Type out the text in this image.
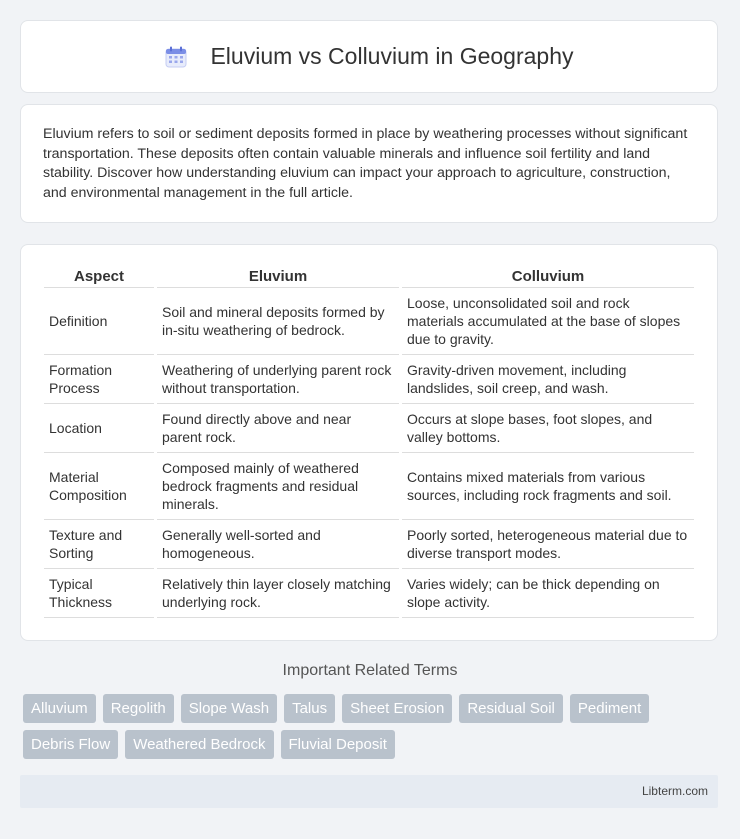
Eluvium vs Colluvium in Geography

Eluvium refers to soil or sediment deposits formed in place by weathering processes without significant transportation. These deposits often contain valuable minerals and influence soil fertility and land stability. Discover how understanding eluvium can impact your approach to agriculture, construction, and environmental management in the full article.

Aspect	Eluvium	Colluvium
Definition	Soil and mineral deposits formed by in-situ weathering of bedrock.	Loose, unconsolidated soil and rock materials accumulated at the base of slopes due to gravity.
Formation Process	Weathering of underlying parent rock without transportation.	Gravity-driven movement, including landslides, soil creep, and wash.
Location	Found directly above and near parent rock.	Occurs at slope bases, foot slopes, and valley bottoms.
Material Composition	Composed mainly of weathered bedrock fragments and residual minerals.	Contains mixed materials from various sources, including rock fragments and soil.
Texture and Sorting	Generally well-sorted and homogeneous.	Poorly sorted, heterogeneous material due to diverse transport modes.
Typical Thickness	Relatively thin layer closely matching underlying rock.	Varies widely; can be thick depending on slope activity.
Important Related Terms
Alluvium	Regolith	Slope Wash	Talus	Sheet Erosion	Residual Soil	Pediment
Debris Flow	Weathered Bedrock	Fluvial Deposit
Libterm.com
